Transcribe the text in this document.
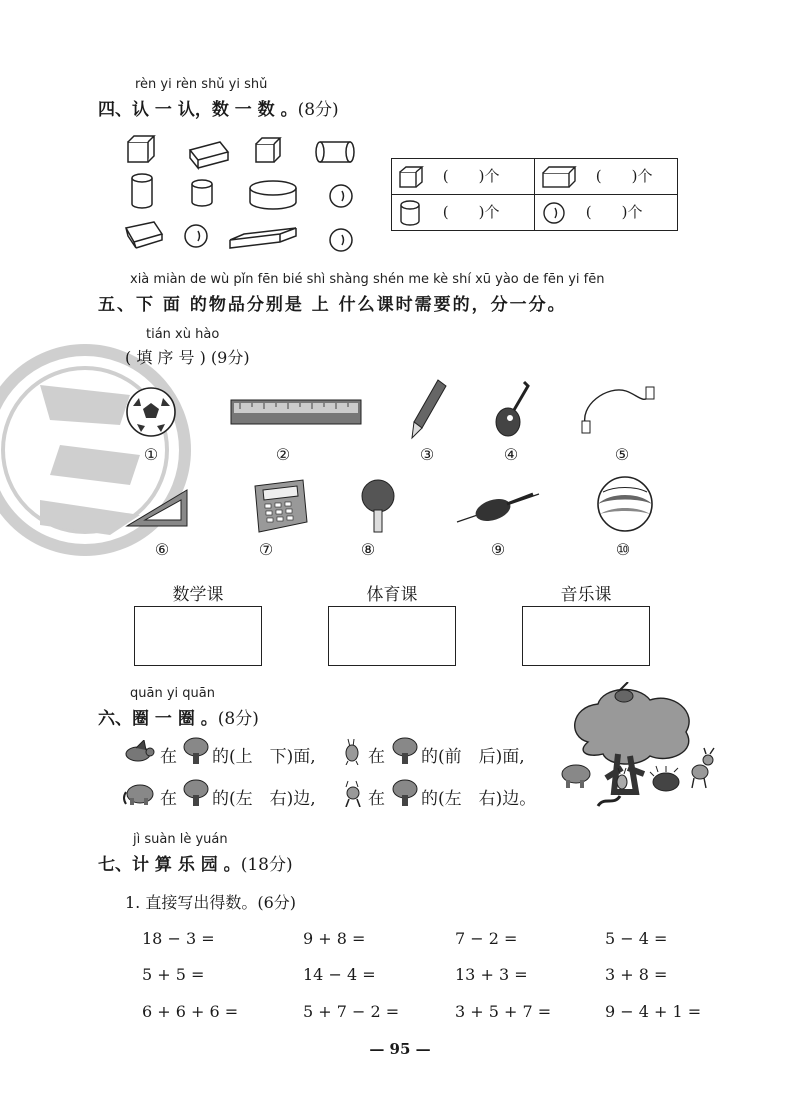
rèn yi rèn shǔ yi shǔ
四、认 一 认，数 一 数 。(8分)
(　　)个	(　　)个
(　　)个	(　　)个
xià miàn de wù pǐn fēn bié shì shàng shén me kè shí xū yào de fēn yi fēn
五、下 面 的物品分别是 上 什么课时需要的，分一分。
tián xù hào
( 填 序 号 ) (9分)
①	②	③	④	⑤
⑥	⑦	⑧	⑨	⑩
数学课	体育课	音乐课
quān yi quān
六、圈 一 圈 。(8分)
在 的(上　下)面,	在 的(前　后)面,
在 的(左　右)边,	在 的(左　右)边。
jì suàn lè yuán
七、计 算 乐 园 。(18分)
1. 直接写出得数。(6分)
18 − 3 =	9 + 8 =	7 − 2 =	5 − 4 =
5 + 5 =	14 − 4 =	13 + 3 =	3 + 8 =
6 + 6 + 6 =	5 + 7 − 2 =	3 + 5 + 7 =	9 − 4 + 1 =
— 95 —
